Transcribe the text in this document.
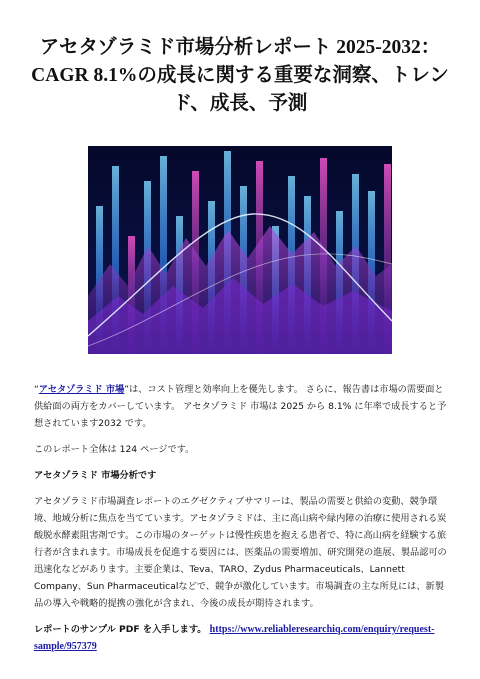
アセタゾラミド市場分析レポート 2025-2032：CAGR 8.1%の成長に関する重要な洞察、トレンド、成長、予測

“アセタゾラミド 市場”は、コスト管理と効率向上を優先します。 さらに、報告書は市場の需要面と供給面の両方をカバーしています。 アセタゾラミド 市場は 2025 から 8.1% に年率で成長すると予想されています2032 です。

このレポート全体は 124 ページです。

アセタゾラミド 市場分析です

アセタゾラミド市場調査レポートのエグゼクティブサマリーは、製品の需要と供給の変動、競争環境、地域分析に焦点を当てています。アセタゾラミドは、主に高山病や緑内障の治療に使用される炭酸脱水酵素阻害剤です。この市場のターゲットは慢性疾患を抱える患者で、特に高山病を経験する旅行者が含まれます。市場成長を促進する要因には、医薬品の需要増加、研究開発の進展、製品認可の迅速化などがあります。主要企業は、Teva、TARO、Zydus Pharmaceuticals、Lannett Company、Sun Pharmaceuticalなどで、競争が激化しています。市場調査の主な所見には、新製品の導入や戦略的提携の強化が含まれ、今後の成長が期待されます。

レポートのサンプル PDF を入手します。 https://www.reliableresearchiq.com/enquiry/request-sample/957379
